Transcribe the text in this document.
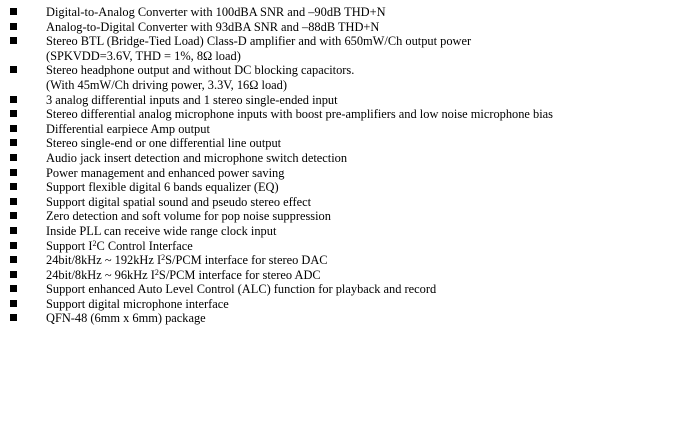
Digital-to-Analog Converter with 100dBA SNR and –90dB THD+N
Analog-to-Digital Converter with 93dBA SNR and –88dB THD+N
Stereo BTL (Bridge-Tied Load) Class-D amplifier and with 650mW/Ch output power
(SPKVDD=3.6V, THD = 1%, 8Ω load)
Stereo headphone output and without DC blocking capacitors.
(With 45mW/Ch driving power, 3.3V, 16Ω load)
3 analog differential inputs and 1 stereo single-ended input
Stereo differential analog microphone inputs with boost pre-amplifiers and low noise microphone bias
Differential earpiece Amp output
Stereo single-end or one differential line output
Audio jack insert detection and microphone switch detection
Power management and enhanced power saving
Support flexible digital 6 bands equalizer (EQ)
Support digital spatial sound and pseudo stereo effect
Zero detection and soft volume for pop noise suppression
Inside PLL can receive wide range clock input
Support $I^2C$ Control Interface
24bit/8kHz ~ 192kHz $I^2S$/PCM interface for stereo DAC
24bit/8kHz ~ 96kHz $I^2S$/PCM interface for stereo ADC
Support enhanced Auto Level Control (ALC) function for playback and record
Support digital microphone interface
QFN-48 (6mm x 6mm) package
